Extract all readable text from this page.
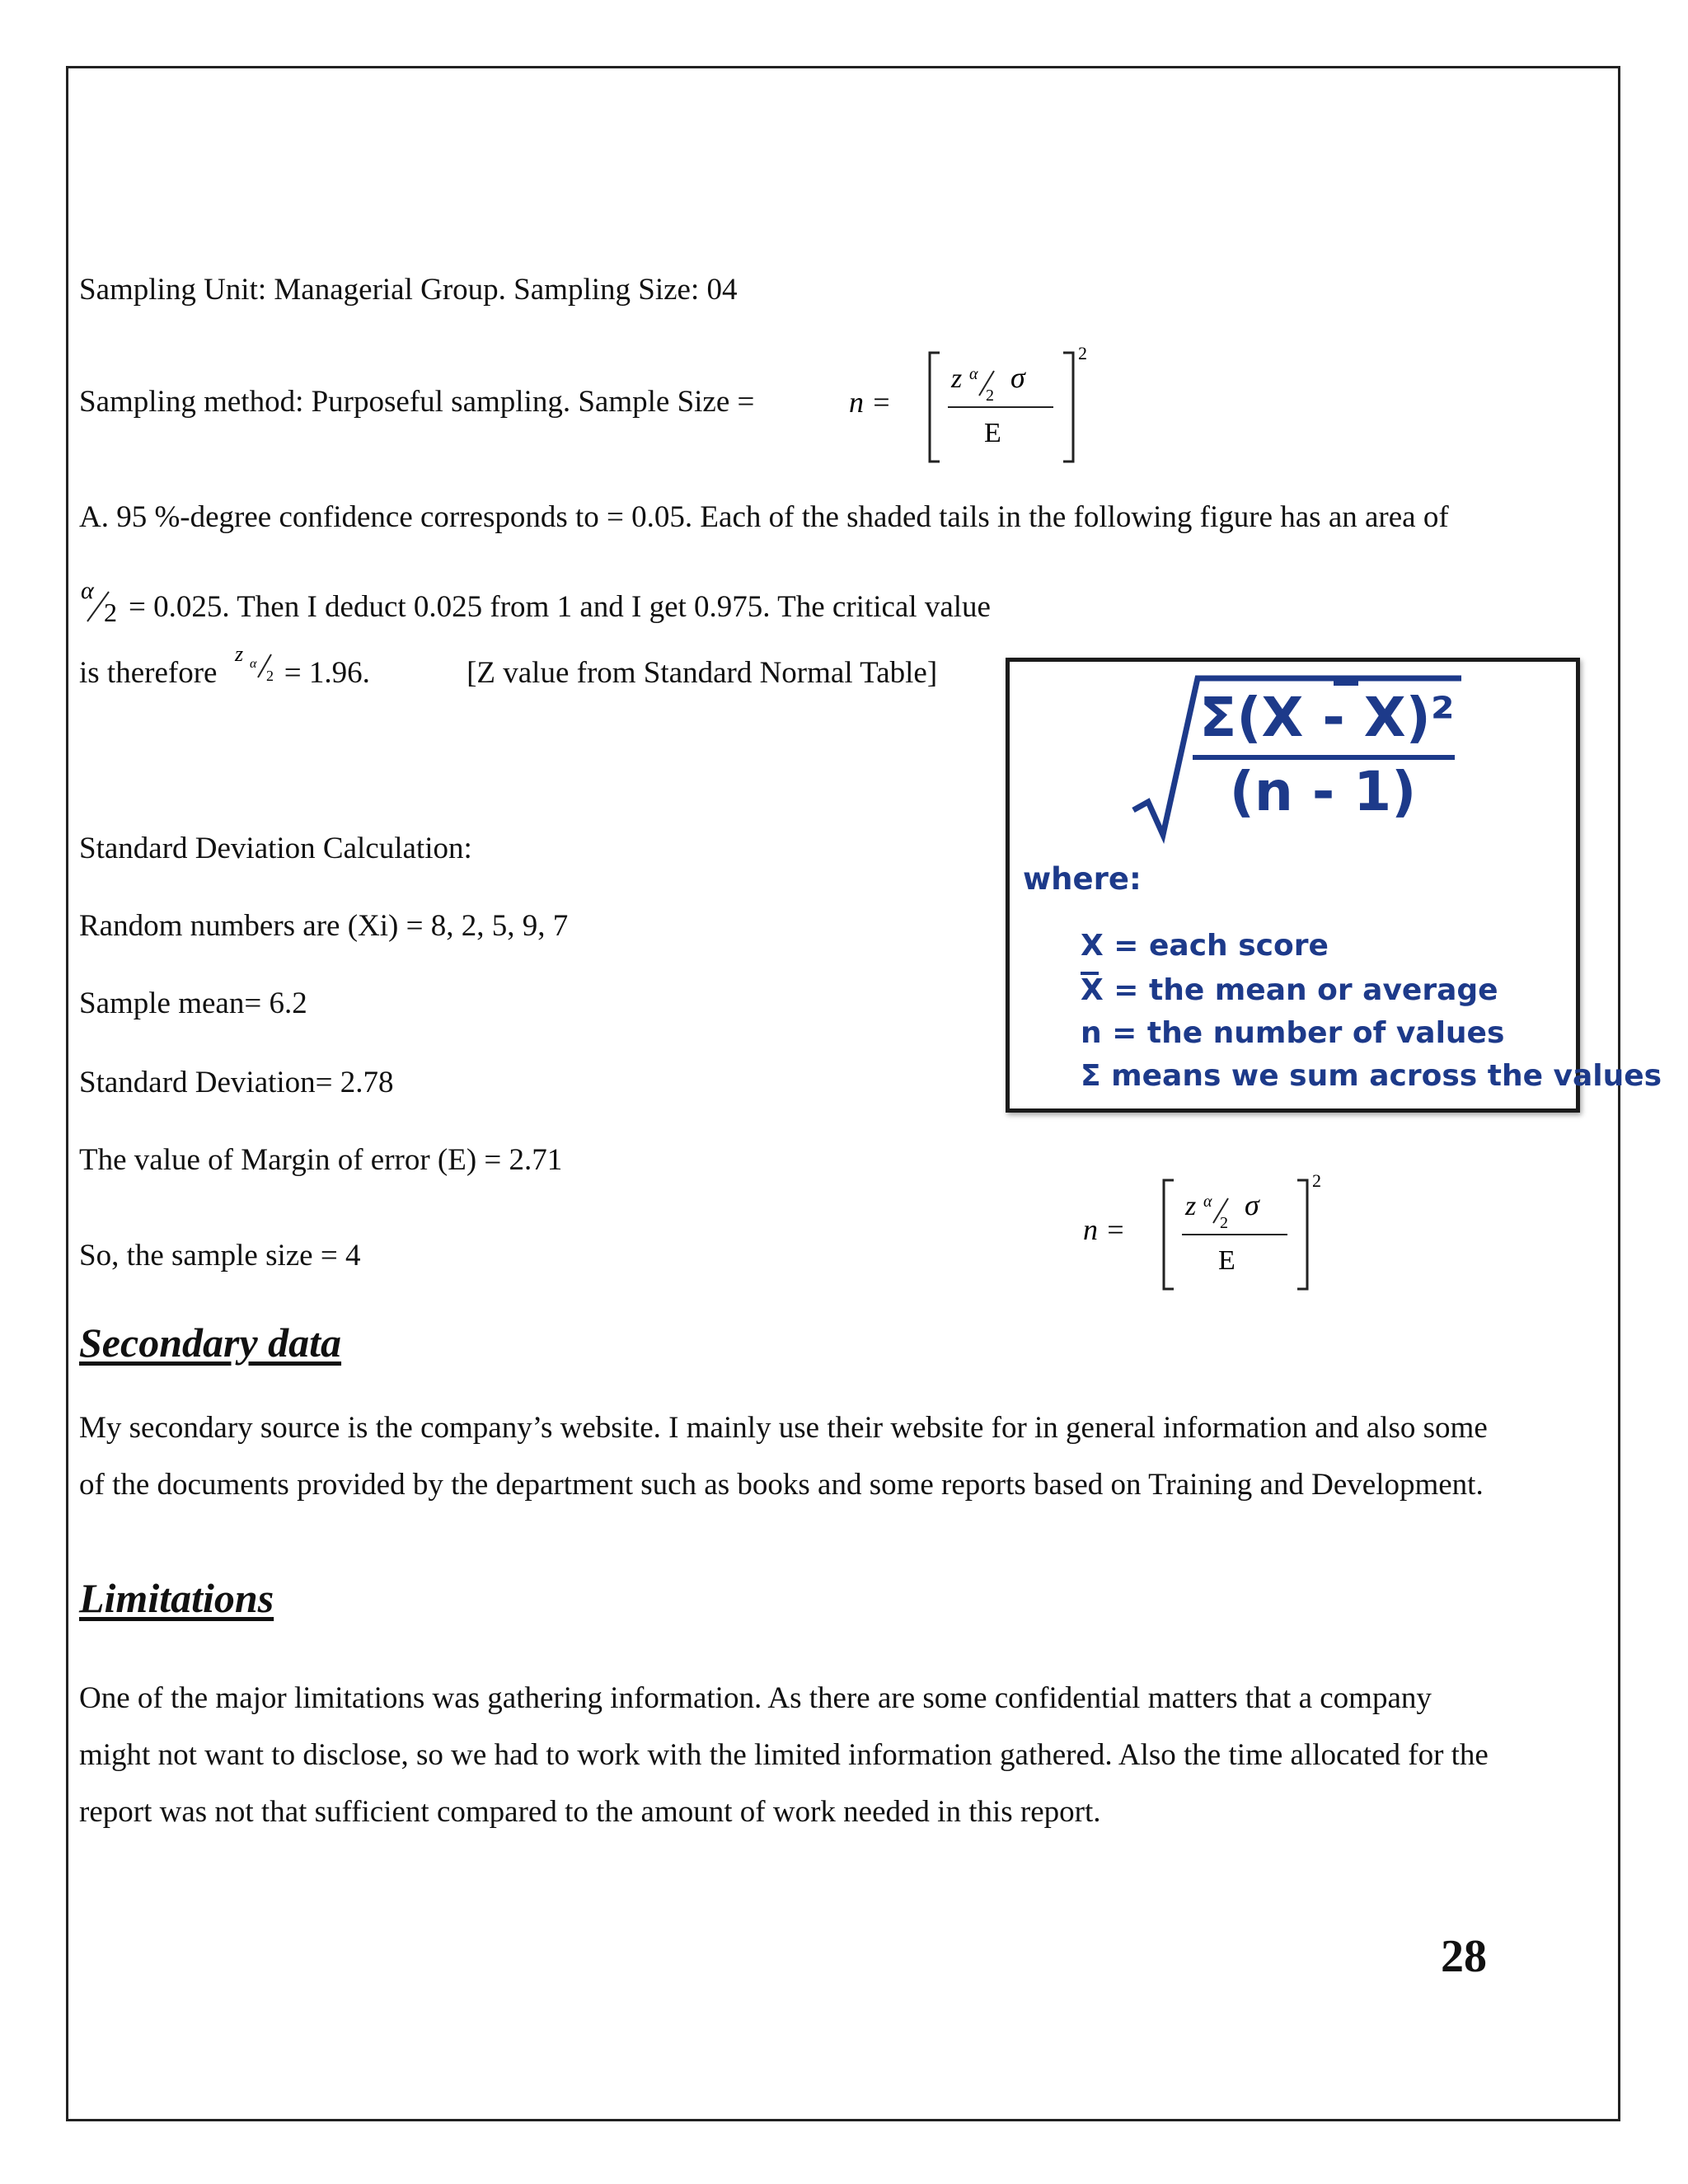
Sampling Unit: Managerial Group. Sampling Size: 04
Sampling method: Purposeful sampling. Sample Size =	n =
z α
2
σ
E
2
A. 95 %-degree confidence corresponds to = 0.05. Each of the shaded tails in the following figure has an area of
α
2 = 0.025. Then I deduct 0.025 from 1 and I get 0.975. The critical value
is therefore
z α
2 = 1.96.	[Z value from Standard Normal Table]
Σ(X - X)²
(n - 1)
where:
X = each score
X = the mean or average
n = the number of values
Σ means we sum across the values
Standard Deviation Calculation:
Random numbers are (Xi) = 8, 2, 5, 9, 7
Sample mean= 6.2
Standard Deviation= 2.78
The value of Margin of error (E) = 2.71
So, the sample size = 4
n =
z α
2
σ
E
2
Secondary data
My secondary source is the company’s website. I mainly use their website for in general information and also some
of the documents provided by the department such as books and some reports based on Training and Development.
Limitations
One of the major limitations was gathering information. As there are some confidential matters that a company
might not want to disclose, so we had to work with the limited information gathered. Also the time allocated for the
report was not that sufficient compared to the amount of work needed in this report.
28
